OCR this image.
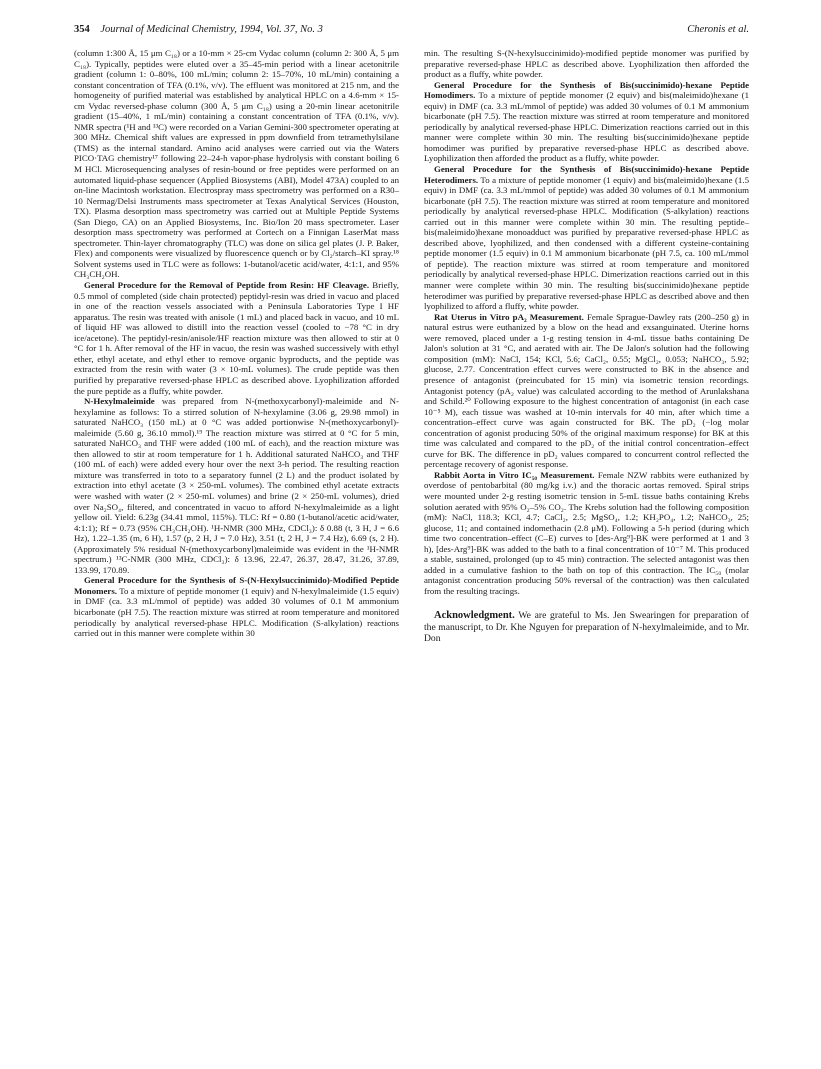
354 Journal of Medicinal Chemistry, 1994, Vol. 37, No. 3	Cheronis et al.

(column 1:300 Å, 15 μm C₁₈) or a 10-mm × 25-cm Vydac column (column 2: 300 Å, 5 μm C₁₈). Typically, peptides were eluted over a 35–45-min period with a linear acetonitrile gradient (column 1: 0–80%, 100 mL/min; column 2: 15–70%, 10 mL/min) containing a constant concentration of TFA (0.1%, v/v). The effluent was monitored at 215 nm, and the homogeneity of purified material was established by analytical HPLC on a 4.6-mm × 15-cm Vydac reversed-phase column (300 Å, 5 μm C₁₈) using a 20-min linear acetonitrile gradient (15–40%, 1 mL/min) containing a constant concentration of TFA (0.1%, v/v). NMR spectra (¹H and ¹³C) were recorded on a Varian Gemini-300 spectrometer operating at 300 MHz. Chemical shift values are expressed in ppm downfield from tetramethylsilane (TMS) as the internal standard. Amino acid analyses were carried out via the Waters PICO·TAG chemistry¹⁷ following 22–24-h vapor-phase hydrolysis with constant boiling 6 M HCl. Microsequencing analyses of resin-bound or free peptides were performed on an automated liquid-phase sequencer (Applied Biosystems (ABI), Model 473A) coupled to an on-line Macintosh workstation. Electrospray mass spectrometry was performed on a R30–10 Nermag/Delsi Instruments mass spectrometer at Texas Analytical Services (Houston, TX). Plasma desorption mass spectrometry was carried out at Multiple Peptide Systems (San Diego, CA) on an Applied Biosystems, Inc. Bio/Ion 20 mass spectrometer. Laser desorption mass spectrometry was performed at Cortech on a Finnigan LaserMat mass spectrometer. Thin-layer chromatography (TLC) was done on silica gel plates (J. P. Baker, Flex) and components were visualized by fluorescence quench or by Cl₂/starch–KI spray.¹⁸ Solvent systems used in TLC were as follows: 1-butanol/acetic acid/water, 4:1:1, and 95% CH₃CH₂OH.

General Procedure for the Removal of Peptide from Resin: HF Cleavage. Briefly, 0.5 mmol of completed (side chain protected) peptidyl-resin was dried in vacuo and placed in one of the reaction vessels associated with a Peninsula Laboratories Type I HF apparatus. The resin was treated with anisole (1 mL) and placed back in vacuo, and 10 mL of liquid HF was allowed to distill into the reaction vessel (cooled to −78 °C in dry ice/acetone). The peptidyl-resin/anisole/HF reaction mixture was then allowed to stir at 0 °C for 1 h. After removal of the HF in vacuo, the resin was washed successively with ethyl ether, ethyl acetate, and ethyl ether to remove organic byproducts, and the peptide was extracted from the resin with water (3 × 10-mL volumes). The crude peptide was then purified by preparative reversed-phase HPLC as described above. Lyophilization afforded the pure peptide as a fluffy, white powder.

N-Hexylmaleimide was prepared from N-(methoxycarbonyl)-maleimide and N-hexylamine as follows: To a stirred solution of N-hexylamine (3.06 g, 29.98 mmol) in saturated NaHCO₃ (150 mL) at 0 °C was added portionwise N-(methoxycarbonyl)-maleimide (5.60 g, 36.10 mmol).¹⁹ The reaction mixture was stirred at 0 °C for 5 min, saturated NaHCO₃ and THF were added (100 mL of each), and the reaction mixture was then allowed to stir at room temperature for 1 h. Additional saturated NaHCO₃ and THF (100 mL of each) were added every hour over the next 3-h period. The resulting reaction mixture was transferred in toto to a separatory funnel (2 L) and the product isolated by extraction into ethyl acetate (3 × 250-mL volumes). The combined ethyl acetate extracts were washed with water (2 × 250-mL volumes) and brine (2 × 250-mL volumes), dried over Na₂SO₄, filtered, and concentrated in vacuo to afford N-hexylmaleimide as a light yellow oil. Yield: 6.23g (34.41 mmol, 115%). TLC: Rf = 0.80 (1-butanol/acetic acid/water, 4:1:1); Rf = 0.73 (95% CH₃CH₂OH). ¹H-NMR (300 MHz, CDCl₃): δ 0.88 (t, 3 H, J = 6.6 Hz), 1.22–1.35 (m, 6 H), 1.57 (p, 2 H, J = 7.0 Hz), 3.51 (t, 2 H, J = 7.4 Hz), 6.69 (s, 2 H). (Approximately 5% residual N-(methoxycarbonyl)maleimide was evident in the ¹H-NMR spectrum.) ¹³C-NMR (300 MHz, CDCl₃): δ 13.96, 22.47, 26.37, 28.47, 31.26, 37.89, 133.99, 170.89.

General Procedure for the Synthesis of S-(N-Hexylsuccinimido)-Modified Peptide Monomers. To a mixture of peptide monomer (1 equiv) and N-hexylmaleimide (1.5 equiv) in DMF (ca. 3.3 mL/mmol of peptide) was added 30 volumes of 0.1 M ammonium bicarbonate (pH 7.5). The reaction mixture was stirred at room temperature and monitored periodically by analytical reversed-phase HPLC. Modification (S-alkylation) reactions carried out in this manner were complete within 30

min. The resulting S-(N-hexylsuccinimido)-modified peptide monomer was purified by preparative reversed-phase HPLC as described above. Lyophilization then afforded the product as a fluffy, white powder.

General Procedure for the Synthesis of Bis(succinimido)-hexane Peptide Homodimers. To a mixture of peptide monomer (2 equiv) and bis(maleimido)hexane (1 equiv) in DMF (ca. 3.3 mL/mmol of peptide) was added 30 volumes of 0.1 M ammonium bicarbonate (pH 7.5). The reaction mixture was stirred at room temperature and monitored periodically by analytical reversed-phase HPLC. Dimerization reactions carried out in this manner were complete within 30 min. The resulting bis(succinimido)hexane peptide homodimer was purified by preparative reversed-phase HPLC as described above. Lyophilization then afforded the product as a fluffy, white powder.

General Procedure for the Synthesis of Bis(succinimido)-hexane Peptide Heterodimers. To a mixture of peptide monomer (1 equiv) and bis(maleimido)hexane (1.5 equiv) in DMF (ca. 3.3 mL/mmol of peptide) was added 30 volumes of 0.1 M ammonium bicarbonate (pH 7.5). The reaction mixture was stirred at room temperature and monitored periodically by analytical reversed-phase HPLC. Modification (S-alkylation) reactions carried out in this manner were complete within 30 min. The resulting peptide–bis(maleimido)hexane monoadduct was purified by preparative reversed-phase HPLC as described above, lyophilized, and then condensed with a different cysteine-containing peptide monomer (1.5 equiv) in 0.1 M ammonium bicarbonate (pH 7.5, ca. 100 mL/mmol of peptide). The reaction mixture was stirred at room temperature and monitored periodically by analytical reversed-phase HPLC. Dimerization reactions carried out in this manner were complete within 30 min. The resulting bis(succinimido)hexane peptide heterodimer was purified by preparative reversed-phase HPLC as described above and then lyophilized to afford a fluffy, white powder.

Rat Uterus in Vitro pA₂ Measurement. Female Sprague-Dawley rats (200–250 g) in natural estrus were euthanized by a blow on the head and exsanguinated. Uterine horns were removed, placed under a 1-g resting tension in 4-mL tissue baths containing De Jalon's solution at 31 °C, and aerated with air. The De Jalon's solution had the following composition (mM): NaCl, 154; KCl, 5.6; CaCl₂, 0.55; MgCl₂, 0.053; NaHCO₃, 5.92; glucose, 2.77. Concentration effect curves were constructed to BK in the absence and presence of antagonist (preincubated for 15 min) via isometric tension recordings. Antagonist potency (pA₂ value) was calculated according to the method of Arunlakshana and Schild.²⁰ Following exposure to the highest concentration of antagonist (in each case 10⁻⁵ M), each tissue was washed at 10-min intervals for 40 min, after which time a concentration–effect curve was again constructed for BK. The pD₂ (−log molar concentration of agonist producing 50% of the original maximum response) for BK at this time was calculated and compared to the pD₂ of the initial control concentration–effect curve for BK. The difference in pD₂ values compared to concurrent control reflected the percentage recovery of agonist response.

Rabbit Aorta in Vitro IC₅₀ Measurement. Female NZW rabbits were euthanized by overdose of pentobarbital (80 mg/kg i.v.) and the thoracic aortas removed. Spiral strips were mounted under 2-g resting isometric tension in 5-mL tissue baths containing Krebs solution aerated with 95% O₂–5% CO₂. The Krebs solution had the following composition (mM): NaCl, 118.3; KCl, 4.7; CaCl₂, 2.5; MgSO₄, 1.2; KH₂PO₄, 1.2; NaHCO₃, 25; glucose, 11; and contained indomethacin (2.8 μM). Following a 5-h period (during which time two concentration–effect (C–E) curves to [des-Arg⁹]-BK were performed at 1 and 3 h), [des-Arg⁹]-BK was added to the bath to a final concentration of 10⁻⁷ M. This produced a stable, sustained, prolonged (up to 45 min) contraction. The selected antagonist was then added in a cumulative fashion to the bath on top of this contraction. The IC₅₀ (molar antagonist concentration producing 50% reversal of the contraction) was then calculated from the resulting tracings.

Acknowledgment. We are grateful to Ms. Jen Swearingen for preparation of the manuscript, to Dr. Khe Nguyen for preparation of N-hexylmaleimide, and to Mr. Don
